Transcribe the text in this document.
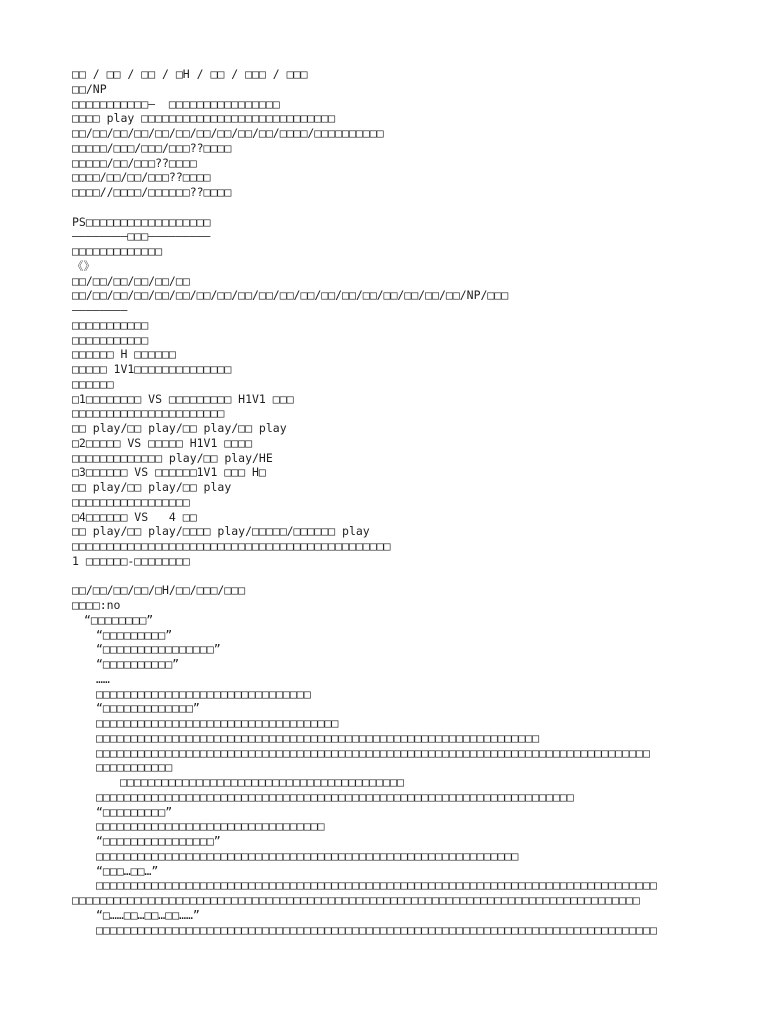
□□ / □□ / □□ / □H / □□ / □□□ / □□□
□□/NP
□□□□□□□□□□□—  □□□□□□□□□□□□□□□□
□□□□ play □□□□□□□□□□□□□□□□□□□□□□□□□□□□
□□/□□/□□/□□/□□/□□/□□/□□/□□/□□/□□□□/□□□□□□□□□□
□□□□□/□□□/□□□/□□□??□□□□
□□□□□/□□/□□□??□□□□
□□□□/□□/□□/□□□??□□□□
□□□□//□□□□/□□□□□□??□□□□
PS□□□□□□□□□□□□□□□□□□
————————□□□—————————
□□□□□□□□□□□□□
《》
□□/□□/□□/□□/□□/□□
□□/□□/□□/□□/□□/□□/□□/□□/□□/□□/□□/□□/□□/□□/□□/□□/□□/□□/□□/NP/□□□
————————
□□□□□□□□□□□
□□□□□□□□□□□
□□□□□□ H □□□□□□
□□□□□ 1V1□□□□□□□□□□□□□□
□□□□□□
□1□□□□□□□□ VS □□□□□□□□□ H1V1 □□□
□□□□□□□□□□□□□□□□□□□□□□
□□ play/□□ play/□□ play/□□ play
□2□□□□□ VS □□□□□ H1V1 □□□□
□□□□□□□□□□□□□ play/□□ play/HE
□3□□□□□□ VS □□□□□□1V1 □□□ H□
□□ play/□□ play/□□ play
□□□□□□□□□□□□□□□□□
□4□□□□□□ VS   4 □□
□□ play/□□ play/□□□□ play/□□□□□/□□□□□□ play
□□□□□□□□□□□□□□□□□□□□□□□□□□□□□□□□□□□□□□□□□□□□□□
1 □□□□□□-□□□□□□□□
□□/□□/□□/□□/□H/□□/□□□/□□□
□□□□:no
“□□□□□□□□”
“□□□□□□□□□”
“□□□□□□□□□□□□□□□□”
“□□□□□□□□□□”
……
□□□□□□□□□□□□□□□□□□□□□□□□□□□□□□□
“□□□□□□□□□□□□□”
□□□□□□□□□□□□□□□□□□□□□□□□□□□□□□□□□□□
□□□□□□□□□□□□□□□□□□□□□□□□□□□□□□□□□□□□□□□□□□□□□□□□□□□□□□□□□□□□□□□□
□□□□□□□□□□□□□□□□□□□□□□□□□□□□□□□□□□□□□□□□□□□□□□□□□□□□□□□□□□□□□□□□□□□□□□□□□□□□□□□□
□□□□□□□□□□□
□□□□□□□□□□□□□□□□□□□□□□□□□□□□□□□□□□□□□□□□□
□□□□□□□□□□□□□□□□□□□□□□□□□□□□□□□□□□□□□□□□□□□□□□□□□□□□□□□□□□□□□□□□□□□□□
“□□□□□□□□□”
□□□□□□□□□□□□□□□□□□□□□□□□□□□□□□□□□
“□□□□□□□□□□□□□□□□”
□□□□□□□□□□□□□□□□□□□□□□□□□□□□□□□□□□□□□□□□□□□□□□□□□□□□□□□□□□□□□
“□□□…□□…”
□□□□□□□□□□□□□□□□□□□□□□□□□□□□□□□□□□□□□□□□□□□□□□□□□□□□□□□□□□□□□□□□□□□□□□□□□□□□□□□□□
□□□□□□□□□□□□□□□□□□□□□□□□□□□□□□□□□□□□□□□□□□□□□□□□□□□□□□□□□□□□□□□□□□□□□□□□□□□□□□□□□□
“□……□□…□□…□□……”
□□□□□□□□□□□□□□□□□□□□□□□□□□□□□□□□□□□□□□□□□□□□□□□□□□□□□□□□□□□□□□□□□□□□□□□□□□□□□□□□□
